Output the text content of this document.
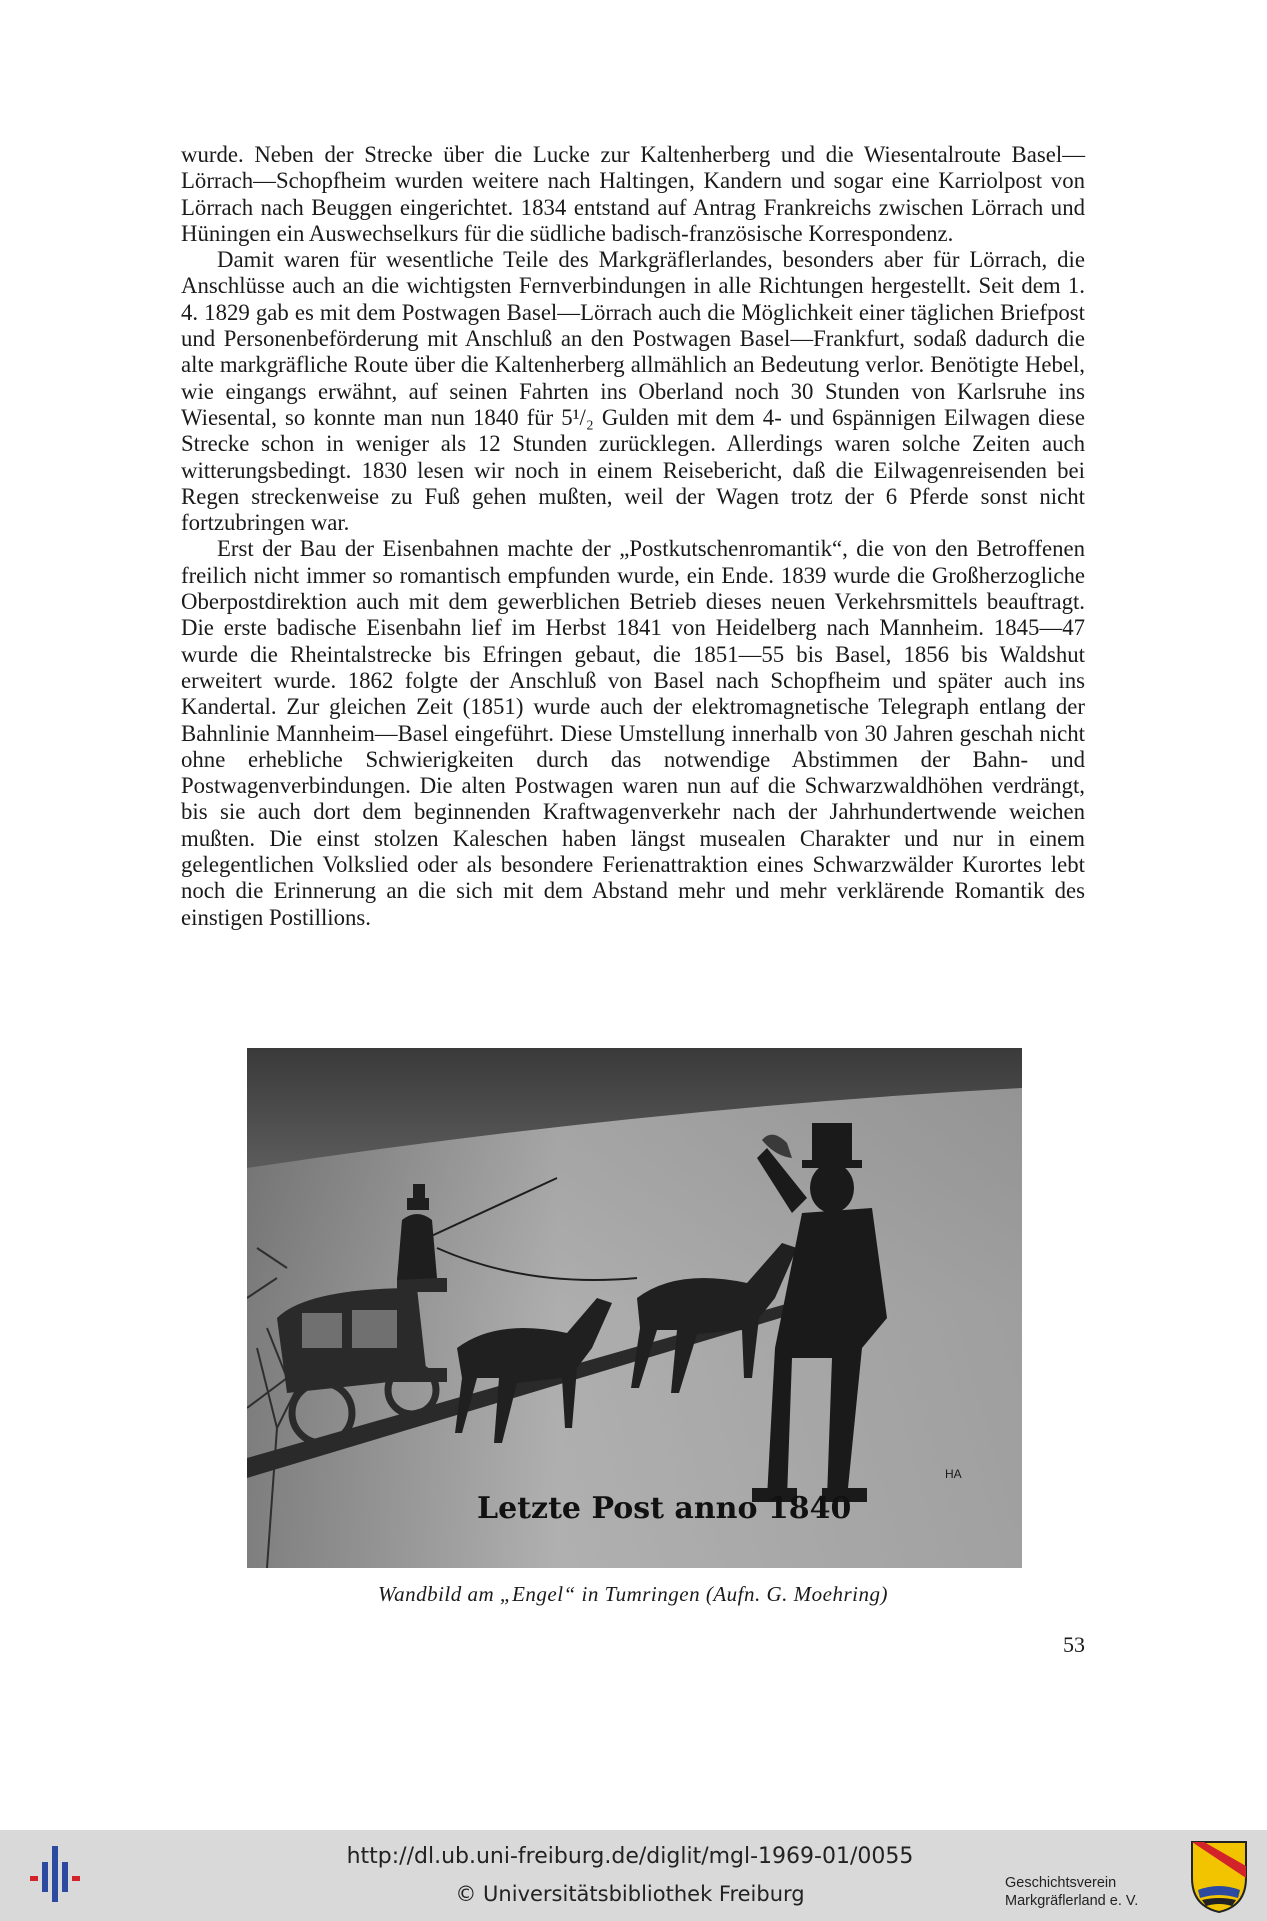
wurde. Neben der Strecke über die Lucke zur Kaltenherberg und die Wiesentalroute Basel—Lörrach—Schopfheim wurden weitere nach Haltingen, Kandern und sogar eine Karriolpost von Lörrach nach Beuggen eingerichtet. 1834 entstand auf Antrag Frankreichs zwischen Lörrach und Hüningen ein Auswechselkurs für die südliche badisch-französische Korrespondenz.

Damit waren für wesentliche Teile des Markgräflerlandes, besonders aber für Lörrach, die Anschlüsse auch an die wichtigsten Fernverbindungen in alle Richtungen hergestellt. Seit dem 1. 4. 1829 gab es mit dem Postwagen Basel—Lörrach auch die Möglichkeit einer täglichen Briefpost und Personenbeförderung mit Anschluß an den Postwagen Basel—Frankfurt, sodaß dadurch die alte markgräfliche Route über die Kaltenherberg allmählich an Bedeutung verlor. Benötigte Hebel, wie eingangs erwähnt, auf seinen Fahrten ins Oberland noch 30 Stunden von Karlsruhe ins Wiesental, so konnte man nun 1840 für 5¹/₂ Gulden mit dem 4- und 6spännigen Eilwagen diese Strecke schon in weniger als 12 Stunden zurücklegen. Allerdings waren solche Zeiten auch witterungsbedingt. 1830 lesen wir noch in einem Reisebericht, daß die Eilwagenreisenden bei Regen streckenweise zu Fuß gehen mußten, weil der Wagen trotz der 6 Pferde sonst nicht fortzubringen war.

Erst der Bau der Eisenbahnen machte der „Postkutschenromantik“, die von den Betroffenen freilich nicht immer so romantisch empfunden wurde, ein Ende. 1839 wurde die Großherzogliche Oberpostdirektion auch mit dem gewerblichen Betrieb dieses neuen Verkehrsmittels beauftragt. Die erste badische Eisenbahn lief im Herbst 1841 von Heidelberg nach Mannheim. 1845—47 wurde die Rheintalstrecke bis Efringen gebaut, die 1851—55 bis Basel, 1856 bis Waldshut erweitert wurde. 1862 folgte der Anschluß von Basel nach Schopfheim und später auch ins Kandertal. Zur gleichen Zeit (1851) wurde auch der elektromagnetische Telegraph entlang der Bahnlinie Mannheim—Basel eingeführt. Diese Umstellung innerhalb von 30 Jahren geschah nicht ohne erhebliche Schwierigkeiten durch das notwendige Abstimmen der Bahn- und Postwagenverbindungen. Die alten Postwagen waren nun auf die Schwarzwaldhöhen verdrängt, bis sie auch dort dem beginnenden Kraftwagenverkehr nach der Jahrhundertwende weichen mußten. Die einst stolzen Kaleschen haben längst musealen Charakter und nur in einem gelegentlichen Volkslied oder als besondere Ferienattraktion eines Schwarzwälder Kurortes lebt noch die Erinnerung an die sich mit dem Abstand mehr und mehr verklärende Romantik des einstigen Postillions.

HA
Letzte Post anno 1840
Wandbild am „Engel“ in Tumringen (Aufn. G. Moehring)
53
http://dl.ub.uni-freiburg.de/diglit/mgl-1969-01/0055
© Universitätsbibliothek Freiburg	Geschichtsverein
Markgräflerland e. V.
